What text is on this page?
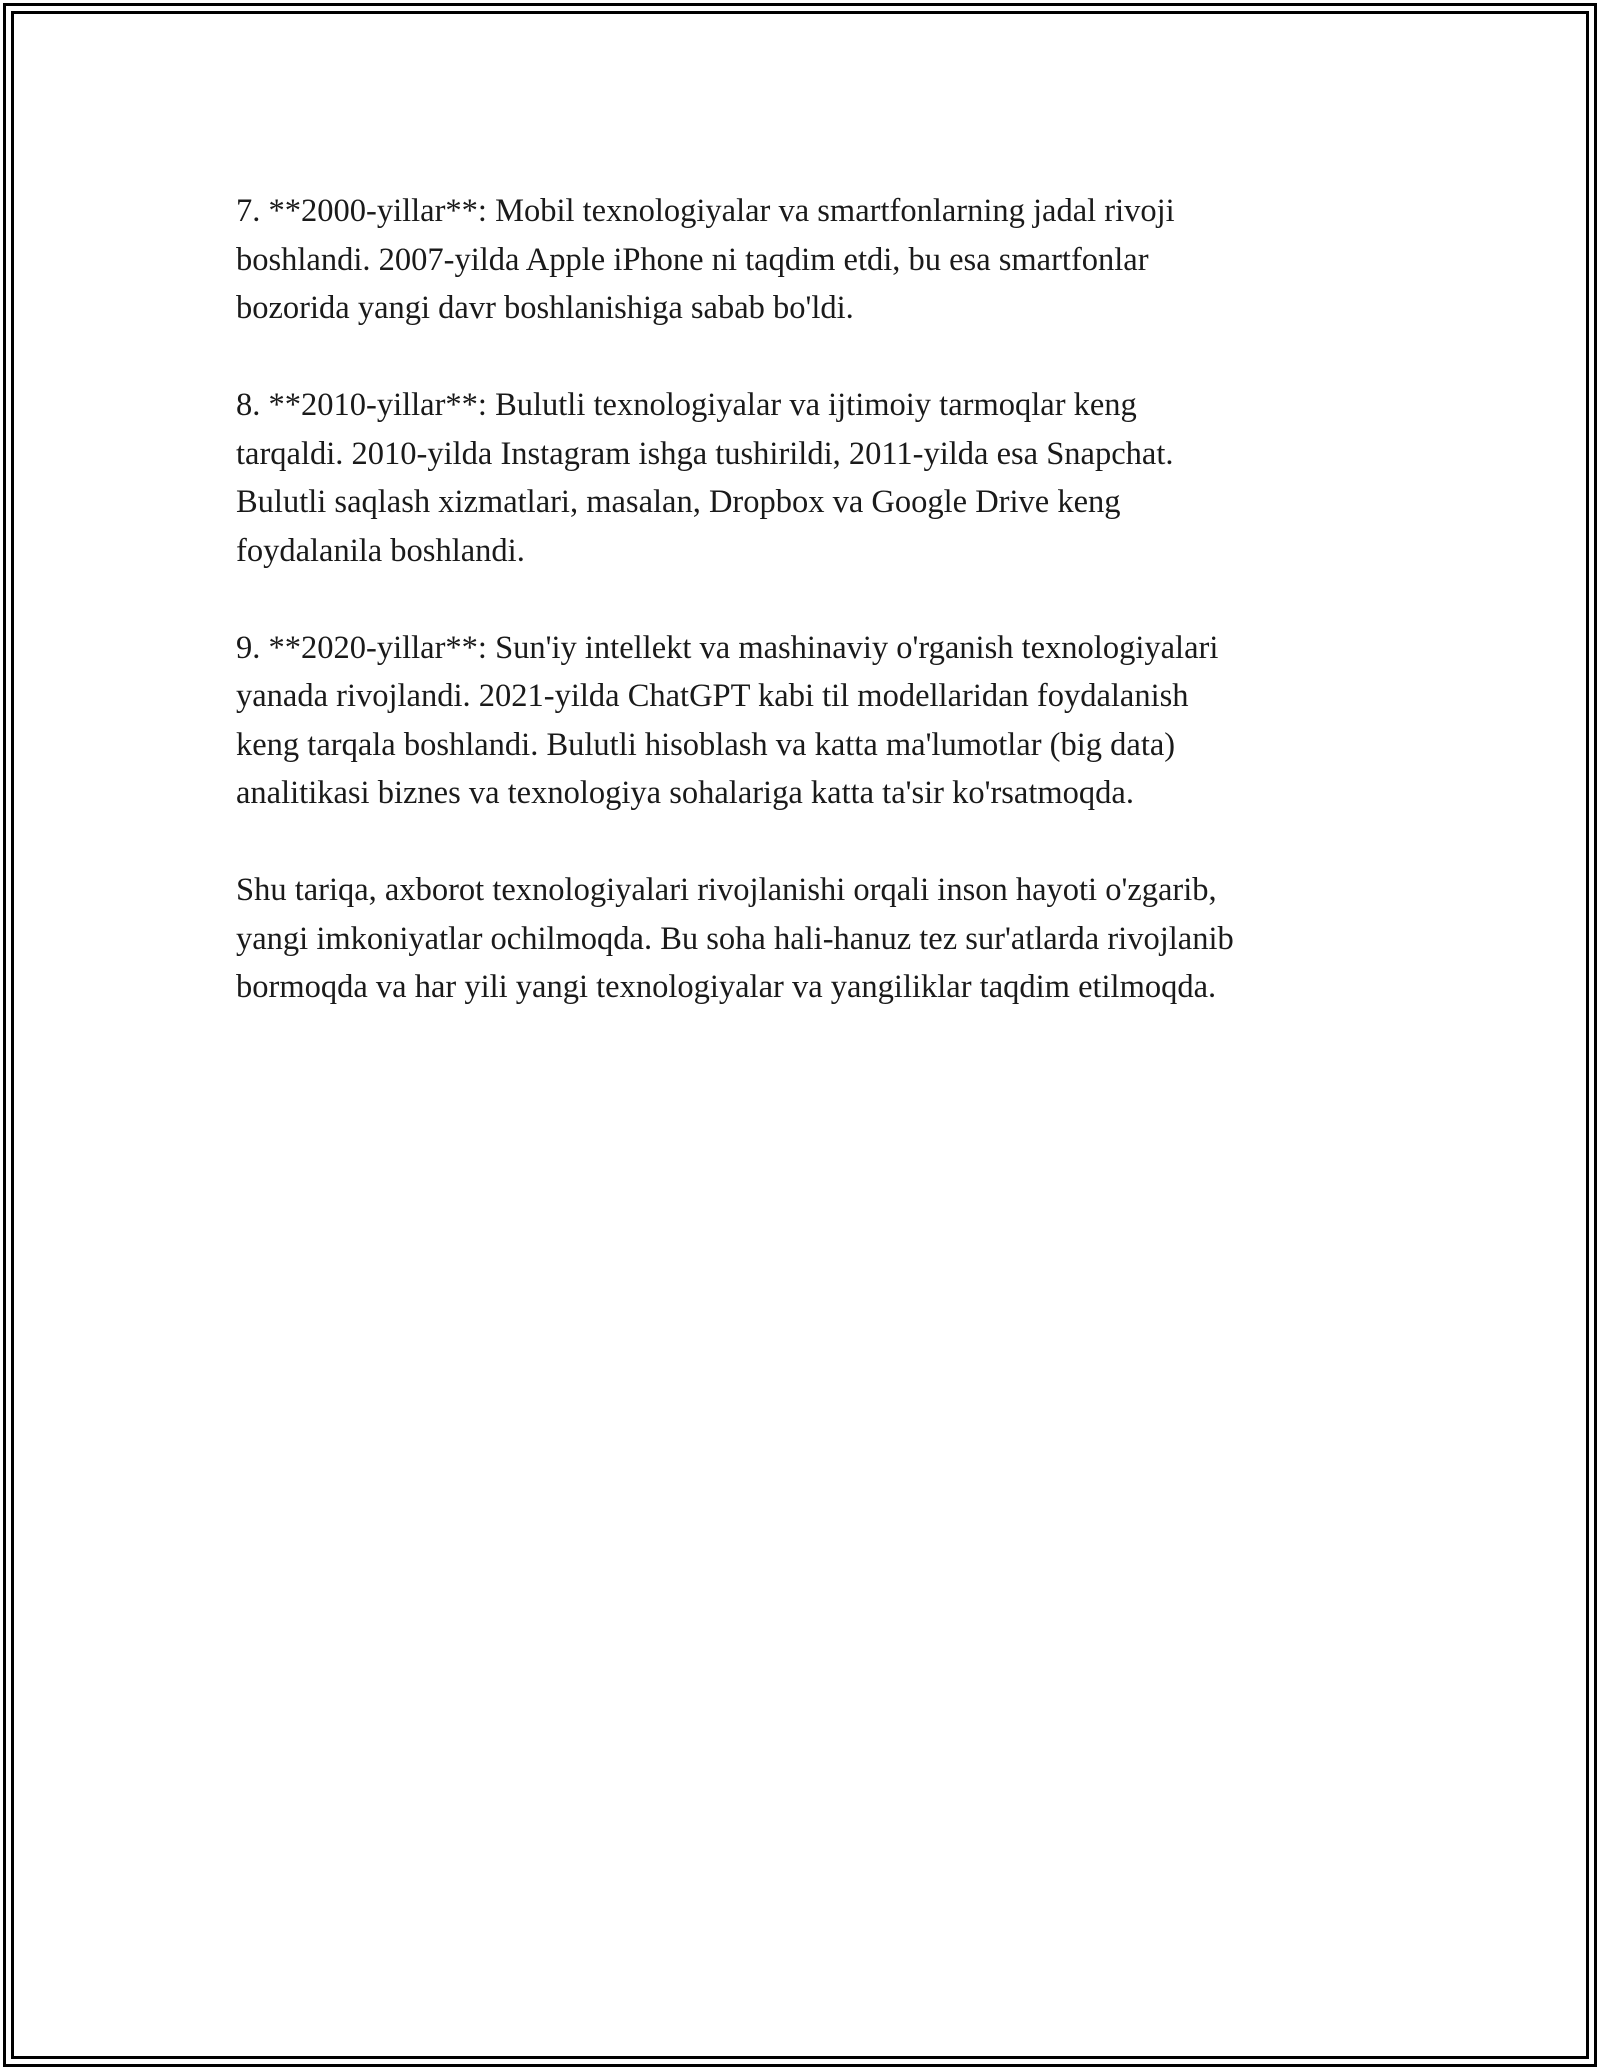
7. **2000-yillar**: Mobil texnologiyalar va smartfonlarning jadal rivoji
boshlandi. 2007-yilda Apple iPhone ni taqdim etdi, bu esa smartfonlar
bozorida yangi davr boshlanishiga sabab bo'ldi.

8. **2010-yillar**: Bulutli texnologiyalar va ijtimoiy tarmoqlar keng
tarqaldi. 2010-yilda Instagram ishga tushirildi, 2011-yilda esa Snapchat.
Bulutli saqlash xizmatlari, masalan, Dropbox va Google Drive keng
foydalanila boshlandi.

9. **2020-yillar**: Sun'iy intellekt va mashinaviy o'rganish texnologiyalari
yanada rivojlandi. 2021-yilda ChatGPT kabi til modellaridan foydalanish
keng tarqala boshlandi. Bulutli hisoblash va katta ma'lumotlar (big data)
analitikasi biznes va texnologiya sohalariga katta ta'sir ko'rsatmoqda.

Shu tariqa, axborot texnologiyalari rivojlanishi orqali inson hayoti o'zgarib,
yangi imkoniyatlar ochilmoqda. Bu soha hali-hanuz tez sur'atlarda rivojlanib
bormoqda va har yili yangi texnologiyalar va yangiliklar taqdim etilmoqda.
